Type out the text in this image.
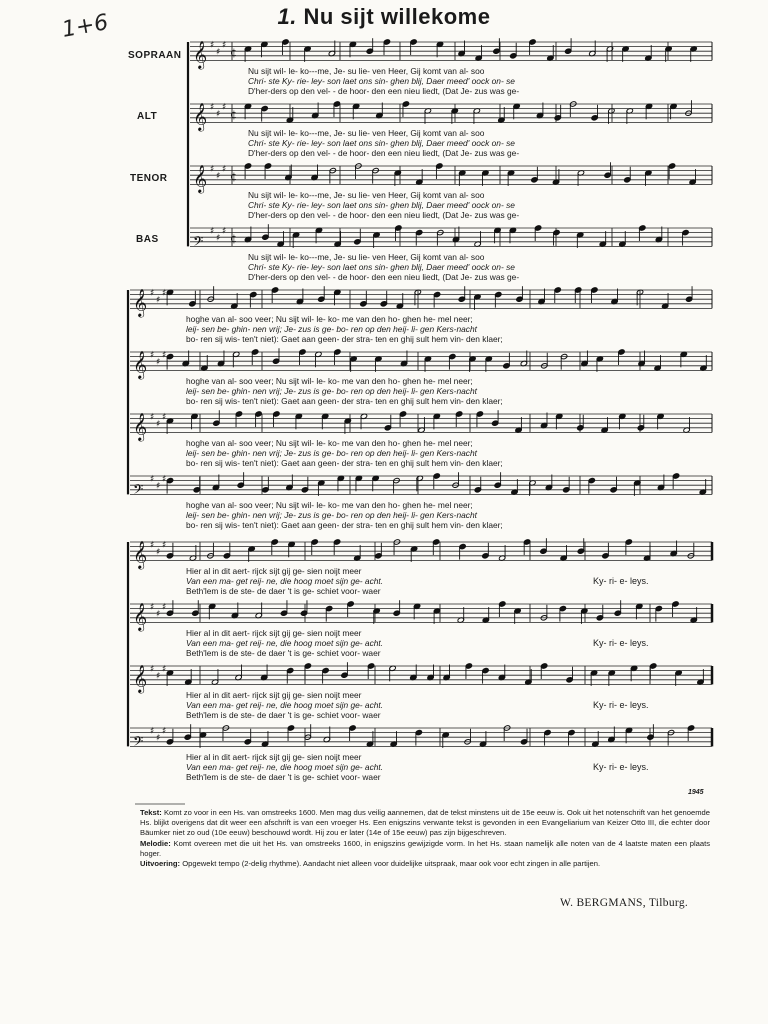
1+6	1. Nu sijt willekome
𝄞 ♯
♯
♯
¢
𝄞 ♯
♯
♯
¢
𝄞 ♯
♯
♯
¢
𝄢
♯
♯
♯
¢
𝄞 ♯
♯
♯
𝄞 ♯
♯
♯
𝄞 ♯
♯
♯
𝄢
♯
♯
♯
𝄞 ♯
♯
♯
𝄞 ♯
♯
♯
𝄞 ♯
♯
♯
𝄢
♯
♯
♯
SOPRAAN
ALT
TENOR
BAS
Nu sijt wil- le- ko---me, Je- su lie- ven Heer, Gij komt van al- soo
Chri- ste Ky- rie- ley- son laet ons sin- ghen blij, Daer meed' oock on- se
D'her-ders op den vel- - de hoor- den een nieu liedt, (Dat Je- zus was ge-
Nu sijt wil- le- ko---me, Je- su lie- ven Heer, Gij komt van al- soo
Chri- ste Ky- rie- ley- son laet ons sin- ghen blij, Daer meed' oock on- se
D'her-ders op den vel- - de hoor- den een nieu liedt, (Dat Je- zus was ge-
Nu sijt wil- le- ko---me, Je- su lie- ven Heer, Gij komt van al- soo
Chri- ste Ky- rie- ley- son laet ons sin- ghen blij, Daer meed' oock on- se
D'her-ders op den vel- - de hoor- den een nieu liedt, (Dat Je- zus was ge-
Nu sijt wil- le- ko---me, Je- su lie- ven Heer, Gij komt van al- soo
Chri- ste Ky- rie- ley- son laet ons sin- ghen blij, Daer meed' oock on- se
D'her-ders op den vel- - de hoor- den een nieu liedt, (Dat Je- zus was ge-
hoghe van al- soo veer; Nu sijt wil- le- ko- me van den ho- ghen he- mel neer;
leij- sen be- ghin- nen vrij; Je- zus is ge- bo- ren op den heij- li- gen Kers-nacht
bo- ren sij wis- ten't niet): Gaet aan geen- der stra- ten en ghij sult hem vin- den klaer;
hoghe van al- soo veer; Nu sijt wil- le- ko- me van den ho- ghen he- mel neer;
leij- sen be- ghin- nen vrij; Je- zus is ge- bo- ren op den heij- li- gen Kers-nacht
bo- ren sij wis- ten't niet): Gaet aan geen- der stra- ten en ghij sult hem vin- den klaer;
hoghe van al- soo veer; Nu sijt wil- le- ko- me van den ho- ghen he- mel neer;
leij- sen be- ghin- nen vrij; Je- zus is ge- bo- ren op den heij- li- gen Kers-nacht
bo- ren sij wis- ten't niet): Gaet aan geen- der stra- ten en ghij sult hem vin- den klaer;
hoghe van al- soo veer; Nu sijt wil- le- ko- me van den ho- ghen he- mel neer;
leij- sen be- ghin- nen vrij; Je- zus is ge- bo- ren op den heij- li- gen Kers-nacht
bo- ren sij wis- ten't niet): Gaet aan geen- der stra- ten en ghij sult hem vin- den klaer;
Hier al in dit aert- rijck sijt gij ge- sien noijt meer
Van een ma- get reij- ne, die hoog moet sijn ge- acht.
Beth'lem is de ste- de daer 't is ge- schiet voor- waer
Ky- ri- e- leys.
Hier al in dit aert- rijck sijt gij ge- sien noijt meer
Van een ma- get reij- ne, die hoog moet sijn ge- acht.
Beth'lem is de ste- de daer 't is ge- schiet voor- waer
Ky- ri- e- leys.
Hier al in dit aert- rijck sijt gij ge- sien noijt meer
Van een ma- get reij- ne, die hoog moet sijn ge- acht.
Beth'lem is de ste- de daer 't is ge- schiet voor- waer
Ky- ri- e- leys.
Hier al in dit aert- rijck sijt gij ge- sien noijt meer
Van een ma- get reij- ne, die hoog moet sijn ge- acht.
Beth'lem is de ste- de daer 't is ge- schiet voor- waer
Ky- ri- e- leys.
1945
Tekst: Komt zo voor in een Hs. van omstreeks 1600. Men mag dus veilig aannemen, dat de tekst minstens uit de 15e eeuw is. Ook uit het notenschrift van het genoemde Hs. blijkt overigens dat dit weer een afschrift is van een vroeger Hs. Een enigszins verwante tekst is gevonden in een Evangeliarium van Keizer Otto III, die echter door Bäumker niet zo oud (10e eeuw) beschouwd wordt. Hij zou er later (14e of 15e eeuw) pas zijn bijgeschreven.
Melodie: Komt overeen met die uit het Hs. van omstreeks 1600, in enigszins gewijzigde vorm. In het Hs. staan namelijk alle noten van de 4 laatste maten een plaats hoger.
Uitvoering: Opgewekt tempo (2-delig rhythme). Aandacht niet alleen voor duidelijke uitspraak, maar ook voor echt zingen in alle partijen.
W. BERGMANS, Tilburg.
